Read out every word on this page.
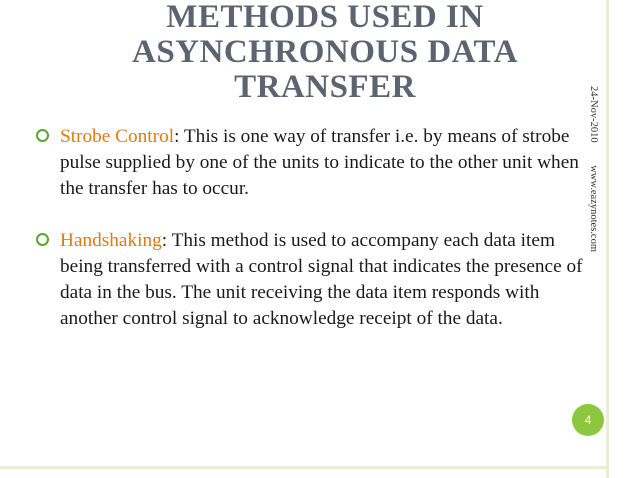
METHODS USED IN
ASYNCHRONOUS DATA
TRANSFER	24-Nov-2010 www.eazynotes.com
Strobe Control: This is one way of transfer i.e. by means of strobe pulse supplied by one of the units to indicate to the other unit when the transfer has to occur.
Handshaking: This method is used to accompany each data item being transferred with a control signal that indicates the presence of data in the bus. The unit receiving the data item responds with another control signal to acknowledge receipt of the data.
4
